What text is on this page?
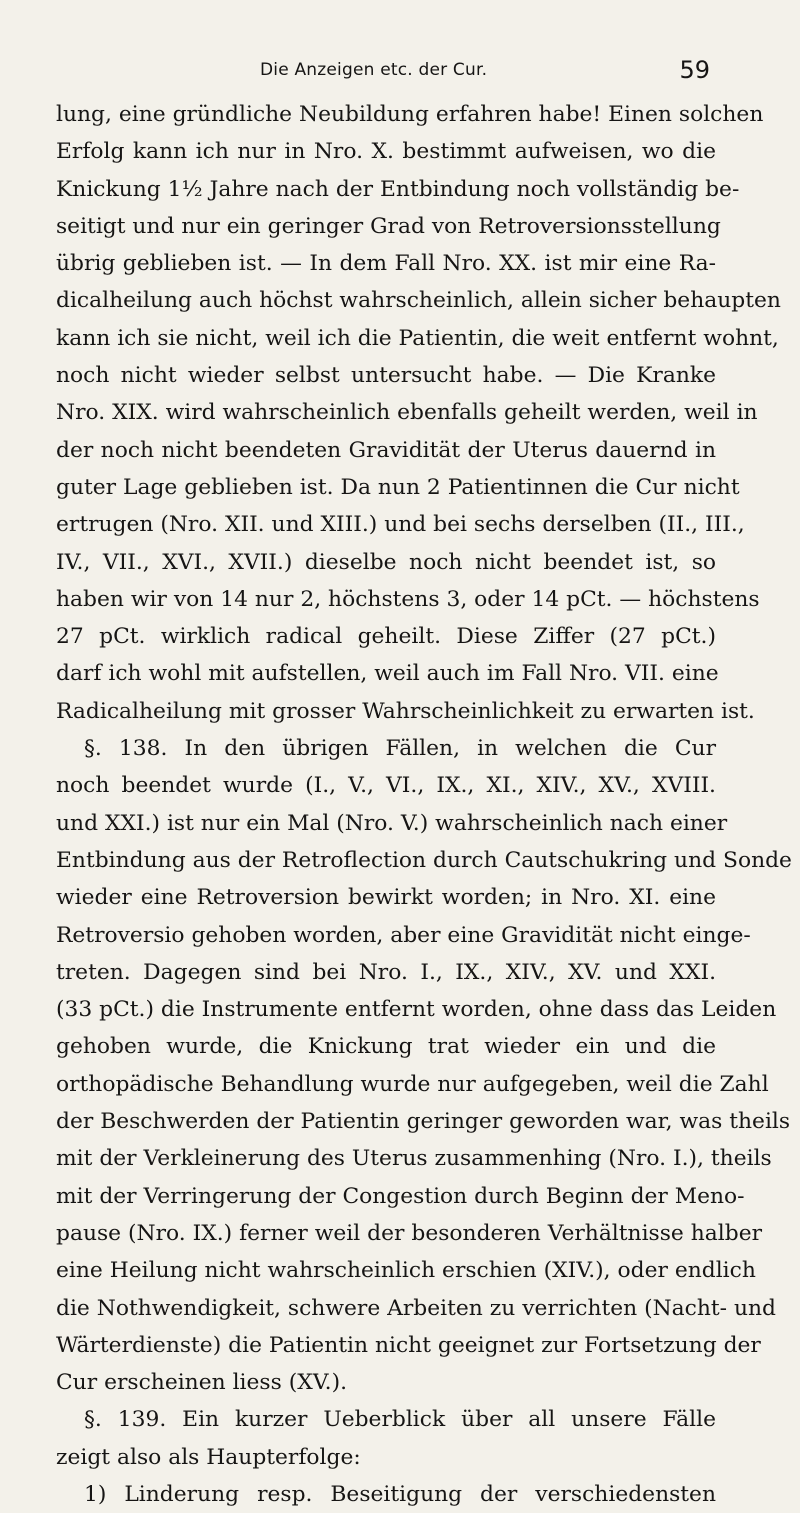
Die Anzeigen etc. der Cur.	59
lung, eine gründliche Neubildung erfahren habe! Einen solchen
Erfolg kann ich nur in Nro. X. bestimmt aufweisen, wo die
Knickung 1½ Jahre nach der Entbindung noch vollständig be-
seitigt und nur ein geringer Grad von Retroversionsstellung
übrig geblieben ist. — In dem Fall Nro. XX. ist mir eine Ra-
dicalheilung auch höchst wahrscheinlich, allein sicher behaupten
kann ich sie nicht, weil ich die Patientin, die weit entfernt wohnt,
noch nicht wieder selbst untersucht habe. — Die Kranke
Nro. XIX. wird wahrscheinlich ebenfalls geheilt werden, weil in
der noch nicht beendeten Gravidität der Uterus dauernd in
guter Lage geblieben ist. Da nun 2 Patientinnen die Cur nicht
ertrugen (Nro. XII. und XIII.) und bei sechs derselben (II., III.,
IV., VII., XVI., XVII.) dieselbe noch nicht beendet ist, so
haben wir von 14 nur 2, höchstens 3, oder 14 pCt. — höchstens
27 pCt. wirklich radical geheilt. Diese Ziffer (27 pCt.)
darf ich wohl mit aufstellen, weil auch im Fall Nro. VII. eine
Radicalheilung mit grosser Wahrscheinlichkeit zu erwarten ist.
§. 138. In den übrigen Fällen, in welchen die Cur
noch beendet wurde (I., V., VI., IX., XI., XIV., XV., XVIII.
und XXI.) ist nur ein Mal (Nro. V.) wahrscheinlich nach einer
Entbindung aus der Retroflection durch Cautschukring und Sonde
wieder eine Retroversion bewirkt worden; in Nro. XI. eine
Retroversio gehoben worden, aber eine Gravidität nicht einge-
treten. Dagegen sind bei Nro. I., IX., XIV., XV. und XXI.
(33 pCt.) die Instrumente entfernt worden, ohne dass das Leiden
gehoben wurde, die Knickung trat wieder ein und die
orthopädische Behandlung wurde nur aufgegeben, weil die Zahl
der Beschwerden der Patientin geringer geworden war, was theils
mit der Verkleinerung des Uterus zusammenhing (Nro. I.), theils
mit der Verringerung der Congestion durch Beginn der Meno-
pause (Nro. IX.) ferner weil der besonderen Verhältnisse halber
eine Heilung nicht wahrscheinlich erschien (XIV.), oder endlich
die Nothwendigkeit, schwere Arbeiten zu verrichten (Nacht- und
Wärterdienste) die Patientin nicht geeignet zur Fortsetzung der
Cur erscheinen liess (XV.).
§. 139. Ein kurzer Ueberblick über all unsere Fälle
zeigt also als Haupterfolge:
1) Linderung resp. Beseitigung der verschiedensten
